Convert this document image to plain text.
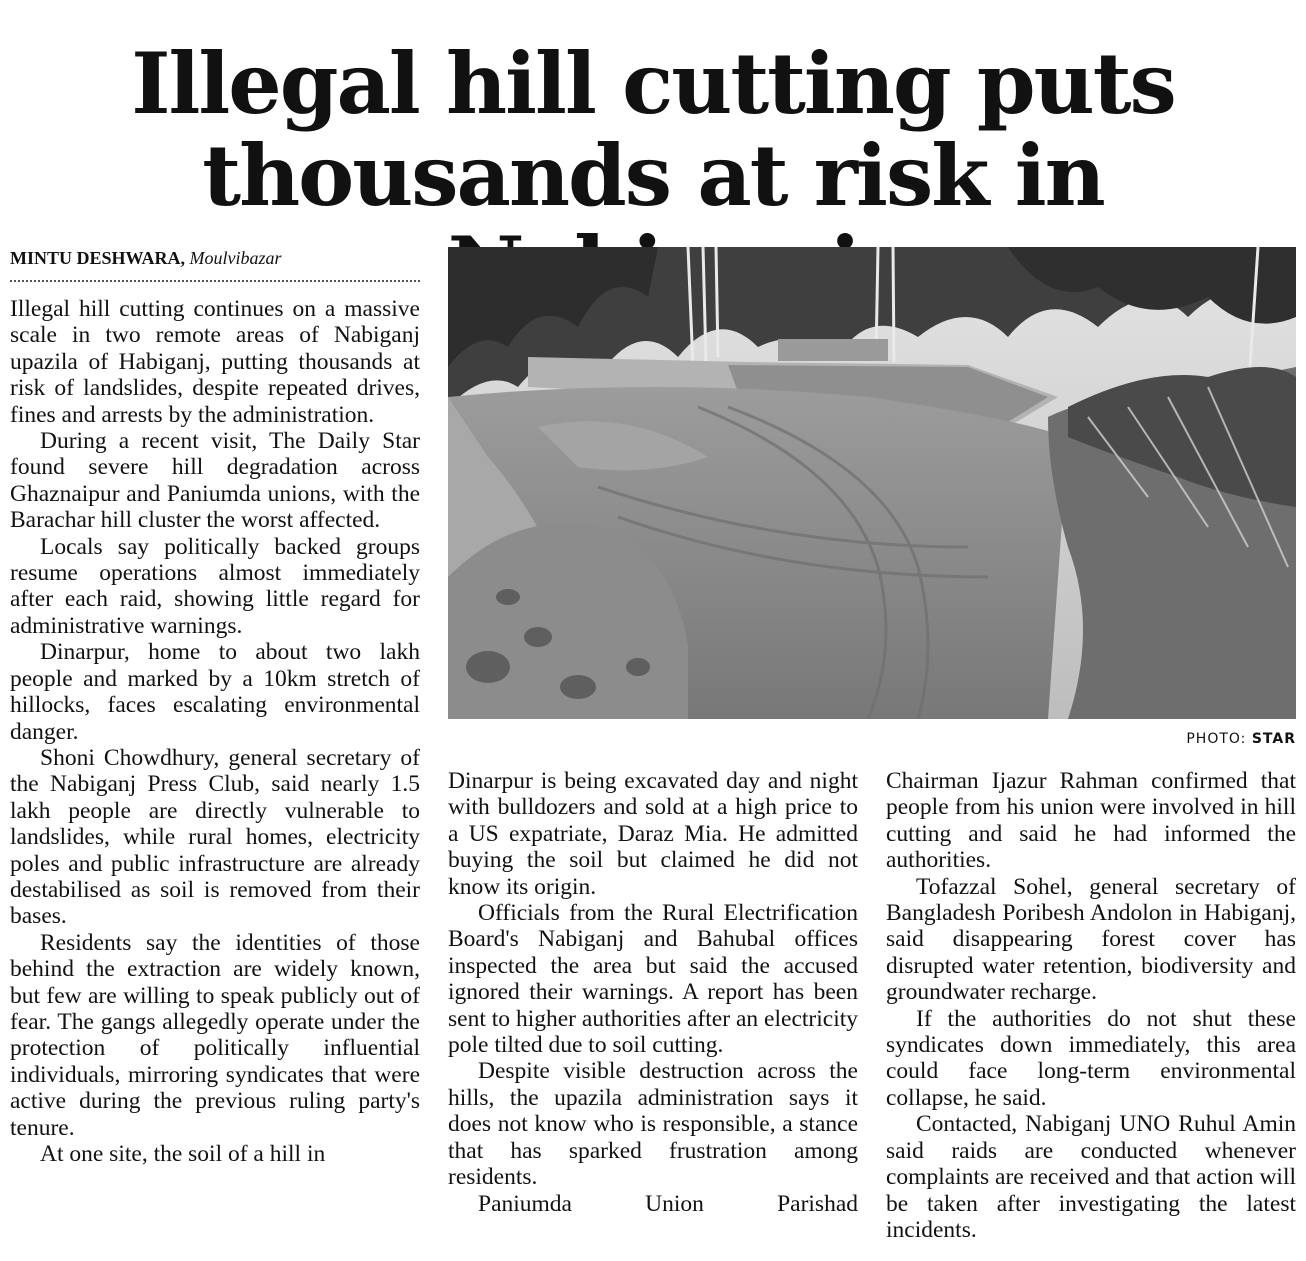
Illegal hill cutting puts
thousands at risk in
MINTU DESHWARA, Moulvibazar

Illegal hill cutting continues on a massive scale in two remote areas of Nabiganj upazila of Habiganj, putting thousands at risk of landslides, despite repeated drives, fines and arrests by the administration.

During a recent visit, The Daily Star found severe hill degradation across Ghaznaipur and Paniumda unions, with the Barachar hill cluster the worst affected.

Locals say politically backed groups resume operations almost immediately after each raid, showing little regard for administrative warnings.

Dinarpur, home to about two lakh people and marked by a 10km stretch of hillocks, faces escalating environmental danger.

Shoni Chowdhury, general secretary of the Nabiganj Press Club, said nearly 1.5 lakh people are directly vulnerable to landslides, while rural homes, electricity poles and public infrastructure are already destabilised as soil is removed from their bases.

Residents say the identities of those behind the extraction are widely known, but few are willing to speak publicly out of fear. The gangs allegedly operate under the protection of politically influential individuals, mirroring syndicates that were active during the previous ruling party's tenure.

At one site, the soil of a hill in

PHOTO: STAR

Dinarpur is being excavated day and night with bulldozers and sold at a high price to a US expatriate, Daraz Mia. He admitted buying the soil but claimed he did not know its origin.

Officials from the Rural Electrification Board's Nabiganj and Bahubal offices inspected the area but said the accused ignored their warnings. A report has been sent to higher authorities after an electricity pole tilted due to soil cutting.

Despite visible destruction across the hills, the upazila administration says it does not know who is responsible, a stance that has sparked frustration among residents.

Paniumda Union Parishad

Chairman Ijazur Rahman confirmed that people from his union were involved in hill cutting and said he had informed the authorities.

Tofazzal Sohel, general secretary of Bangladesh Poribesh Andolon in Habiganj, said disappearing forest cover has disrupted water retention, biodiversity and groundwater recharge.

If the authorities do not shut these syndicates down immediately, this area could face long-term environmental collapse, he said.

Contacted, Nabiganj UNO Ruhul Amin said raids are conducted whenever complaints are received and that action will be taken after investigating the latest incidents.
